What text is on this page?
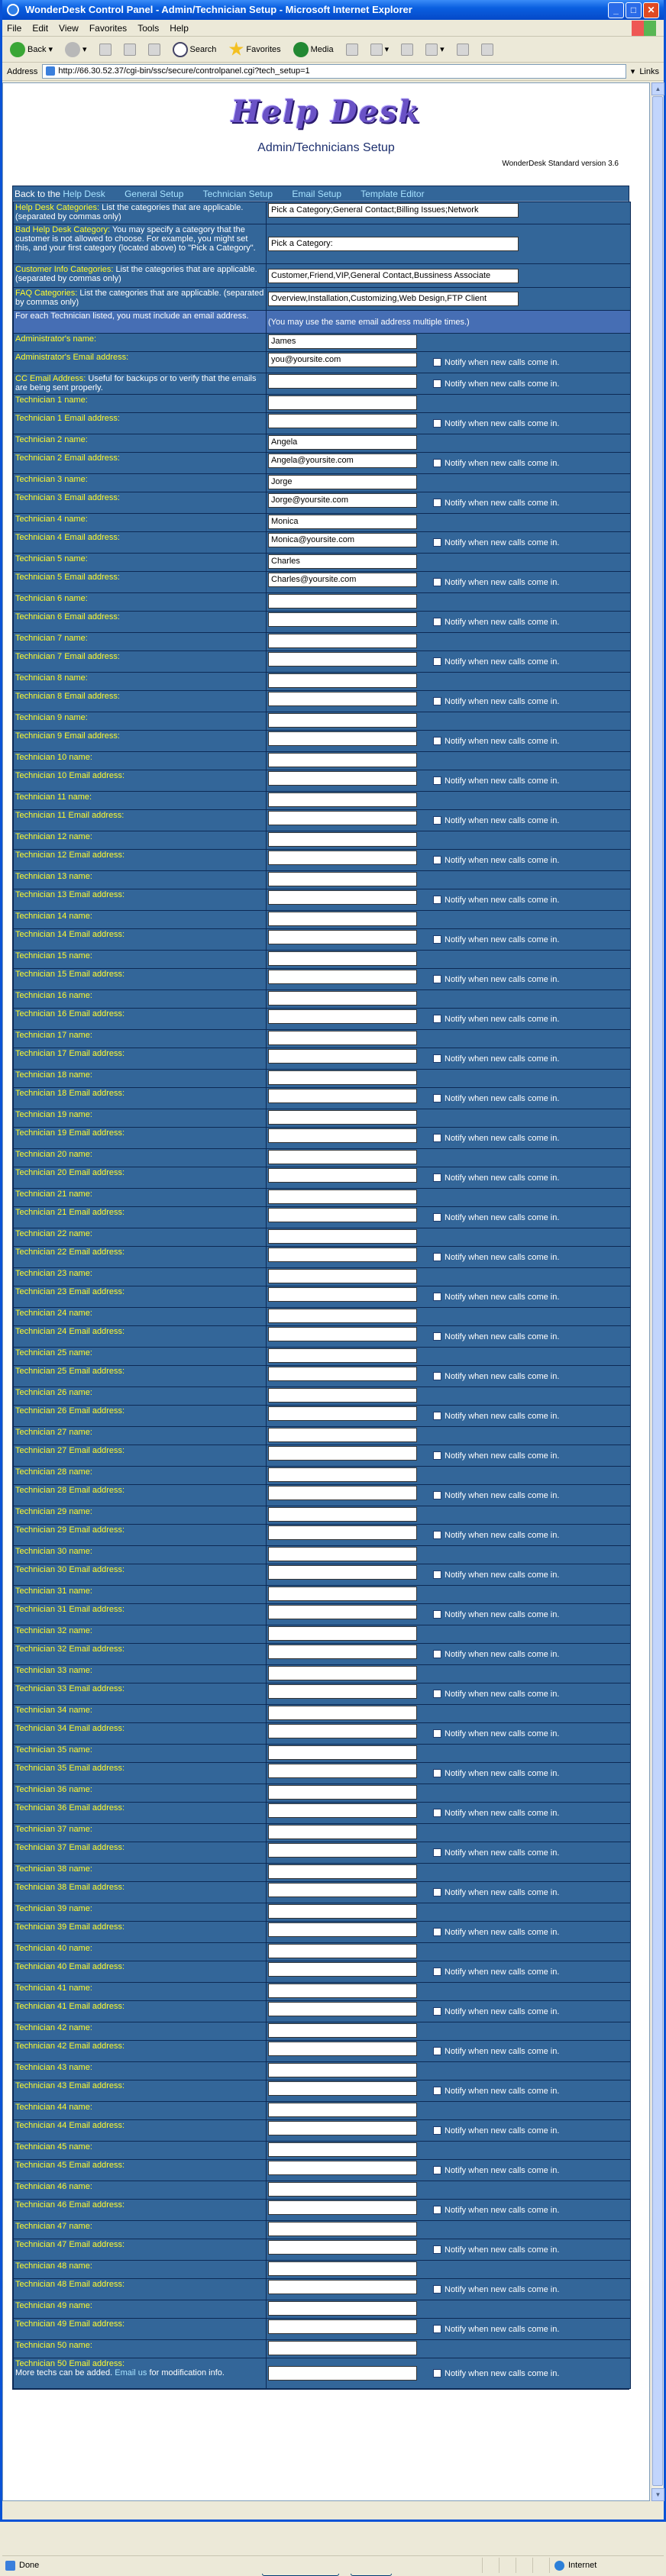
WonderDesk Control Panel - Admin/Technician Setup - Microsoft Internet Explorer	_	□	✕
File Edit View Favorites Tools Help
Back ▾	▾	Search	Favorites	Media	▾	▾
Address	http://66.30.52.37/cgi-bin/ssc/secure/controlpanel.cgi?tech_setup=1	▾ Links
Help Desk
Admin/Technicians Setup
WonderDesk Standard version 3.6
Back to the Help Desk General Setup Technician Setup Email Setup Template Editor
Help Desk Categories: List the categories that are applicable. (separated by commas only)	Pick a Category;General Contact;Billing Issues;Network
Bad Help Desk Category: You may specify a category that the customer is not allowed to choose. For example, you might set this, and your first category (located above) to "Pick a Category".	Pick a Category:
Customer Info Categories: List the categories that are applicable. (separated by commas only)	Customer,Friend,VIP,General Contact,Bussiness Associate
FAQ Categories: List the categories that are applicable. (separated by commas only)	Overview,Installation,Customizing,Web Design,FTP Client
For each Technician listed, you must include an email address.	(You may use the same email address multiple times.)
Administrator's name:	James
Administrator's Email address:	you@yoursite.com Notify when new calls come in.

CC Email Address: Useful for backups or to verify that the emails are being sent properly.	Notify when new calls come in.

Technician 1 name:	
Technician 1 Email address:	Notify when new calls come in.

Technician 2 name:	Angela
Technician 2 Email address:	Angela@yoursite.com Notify when new calls come in.

Technician 3 name:	Jorge
Technician 3 Email address:	Jorge@yoursite.com Notify when new calls come in.

Technician 4 name:	Monica
Technician 4 Email address:	Monica@yoursite.com Notify when new calls come in.

Technician 5 name:	Charles
Technician 5 Email address:	Charles@yoursite.com Notify when new calls come in.

Technician 6 name:	
Technician 6 Email address:	Notify when new calls come in.

Technician 7 name:	
Technician 7 Email address:	Notify when new calls come in.

Technician 8 name:	
Technician 8 Email address:	Notify when new calls come in.

Technician 9 name:	
Technician 9 Email address:	Notify when new calls come in.

Technician 10 name:	
Technician 10 Email address:	Notify when new calls come in.

Technician 11 name:	
Technician 11 Email address:	Notify when new calls come in.

Technician 12 name:	
Technician 12 Email address:	Notify when new calls come in.

Technician 13 name:	
Technician 13 Email address:	Notify when new calls come in.

Technician 14 name:	
Technician 14 Email address:	Notify when new calls come in.

Technician 15 name:	
Technician 15 Email address:	Notify when new calls come in.

Technician 16 name:	
Technician 16 Email address:	Notify when new calls come in.

Technician 17 name:	
Technician 17 Email address:	Notify when new calls come in.

Technician 18 name:	
Technician 18 Email address:	Notify when new calls come in.

Technician 19 name:	
Technician 19 Email address:	Notify when new calls come in.

Technician 20 name:	
Technician 20 Email address:	Notify when new calls come in.

Technician 21 name:	
Technician 21 Email address:	Notify when new calls come in.

Technician 22 name:	
Technician 22 Email address:	Notify when new calls come in.

Technician 23 name:	
Technician 23 Email address:	Notify when new calls come in.

Technician 24 name:	
Technician 24 Email address:	Notify when new calls come in.

Technician 25 name:	
Technician 25 Email address:	Notify when new calls come in.

Technician 26 name:	
Technician 26 Email address:	Notify when new calls come in.

Technician 27 name:	
Technician 27 Email address:	Notify when new calls come in.

Technician 28 name:	
Technician 28 Email address:	Notify when new calls come in.

Technician 29 name:	
Technician 29 Email address:	Notify when new calls come in.

Technician 30 name:	
Technician 30 Email address:	Notify when new calls come in.

Technician 31 name:	
Technician 31 Email address:	Notify when new calls come in.

Technician 32 name:	
Technician 32 Email address:	Notify when new calls come in.

Technician 33 name:	
Technician 33 Email address:	Notify when new calls come in.

Technician 34 name:	
Technician 34 Email address:	Notify when new calls come in.

Technician 35 name:	
Technician 35 Email address:	Notify when new calls come in.

Technician 36 name:	
Technician 36 Email address:	Notify when new calls come in.

Technician 37 name:	
Technician 37 Email address:	Notify when new calls come in.

Technician 38 name:	
Technician 38 Email address:	Notify when new calls come in.

Technician 39 name:	
Technician 39 Email address:	Notify when new calls come in.

Technician 40 name:	
Technician 40 Email address:	Notify when new calls come in.

Technician 41 name:	
Technician 41 Email address:	Notify when new calls come in.

Technician 42 name:	
Technician 42 Email address:	Notify when new calls come in.

Technician 43 name:	
Technician 43 Email address:	Notify when new calls come in.

Technician 44 name:	
Technician 44 Email address:	Notify when new calls come in.

Technician 45 name:	
Technician 45 Email address:	Notify when new calls come in.

Technician 46 name:	
Technician 46 Email address:	Notify when new calls come in.

Technician 47 name:	
Technician 47 Email address:	Notify when new calls come in.

Technician 48 name:	
Technician 48 Email address:	Notify when new calls come in.

Technician 49 name:	
Technician 49 Email address:	Notify when new calls come in.

Technician 50 name:	
Technician 50 Email address:
More techs can be added. Email us for modification info.	Notify when new calls come in.

▲
▼
Done	Internet
